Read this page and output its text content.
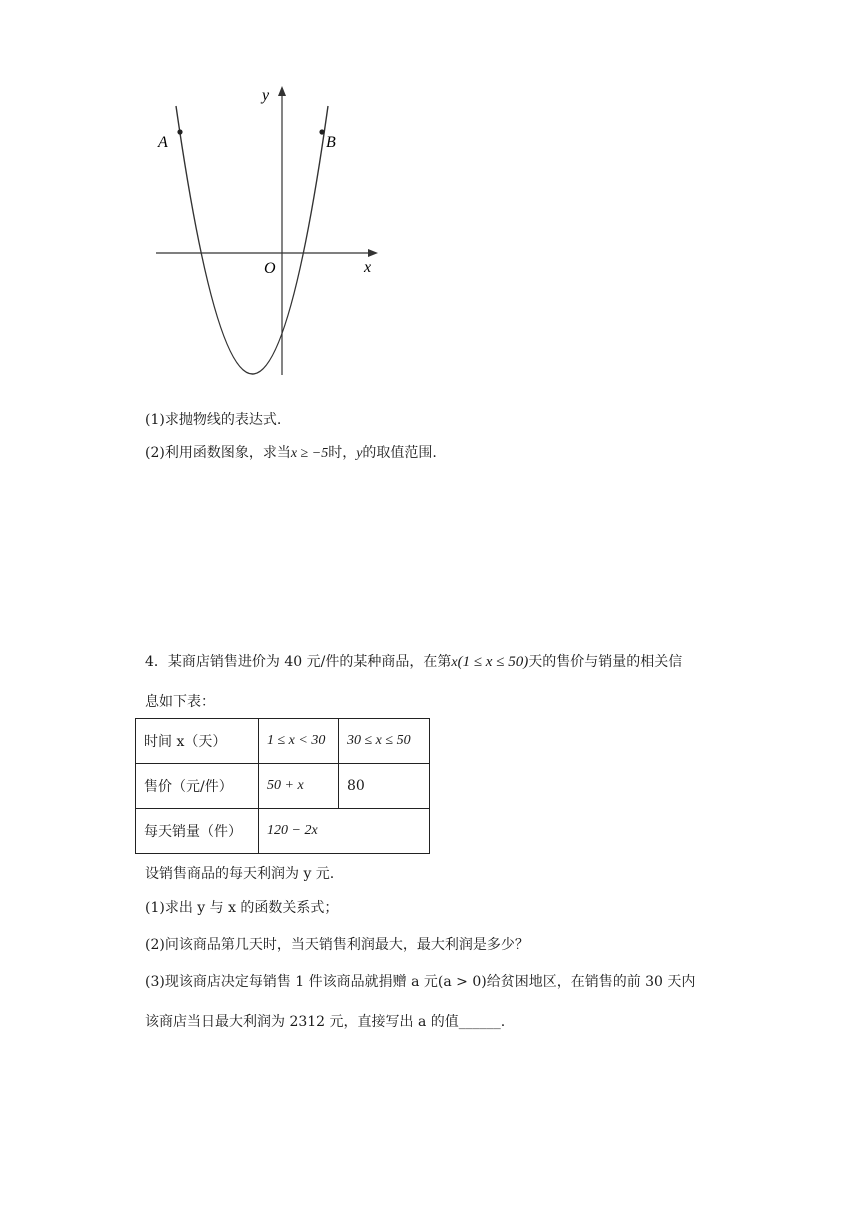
y
x
O
A	B
(1)求抛物线的表达式.
(2)利用函数图象，求当x ≥ −5时，y的取值范围.
4．某商店销售进价为 40 元/件的某种商品，在第x(1 ≤ x ≤ 50)天的售价与销量的相关信
息如下表：
时间 x（天）	1 ≤ x < 30	30 ≤ x ≤ 50
售价（元/件）	50 + x	80
每天销量（件）	120 − 2x	
设销售商品的每天利润为 y 元.
(1)求出 y 与 x 的函数关系式；
(2)问该商品第几天时，当天销售利润最大，最大利润是多少？
(3)现该商店决定每销售 1 件该商品就捐赠 a 元(a > 0)给贫困地区，在销售的前 30 天内
该商店当日最大利润为 2312 元，直接写出 a 的值______.
